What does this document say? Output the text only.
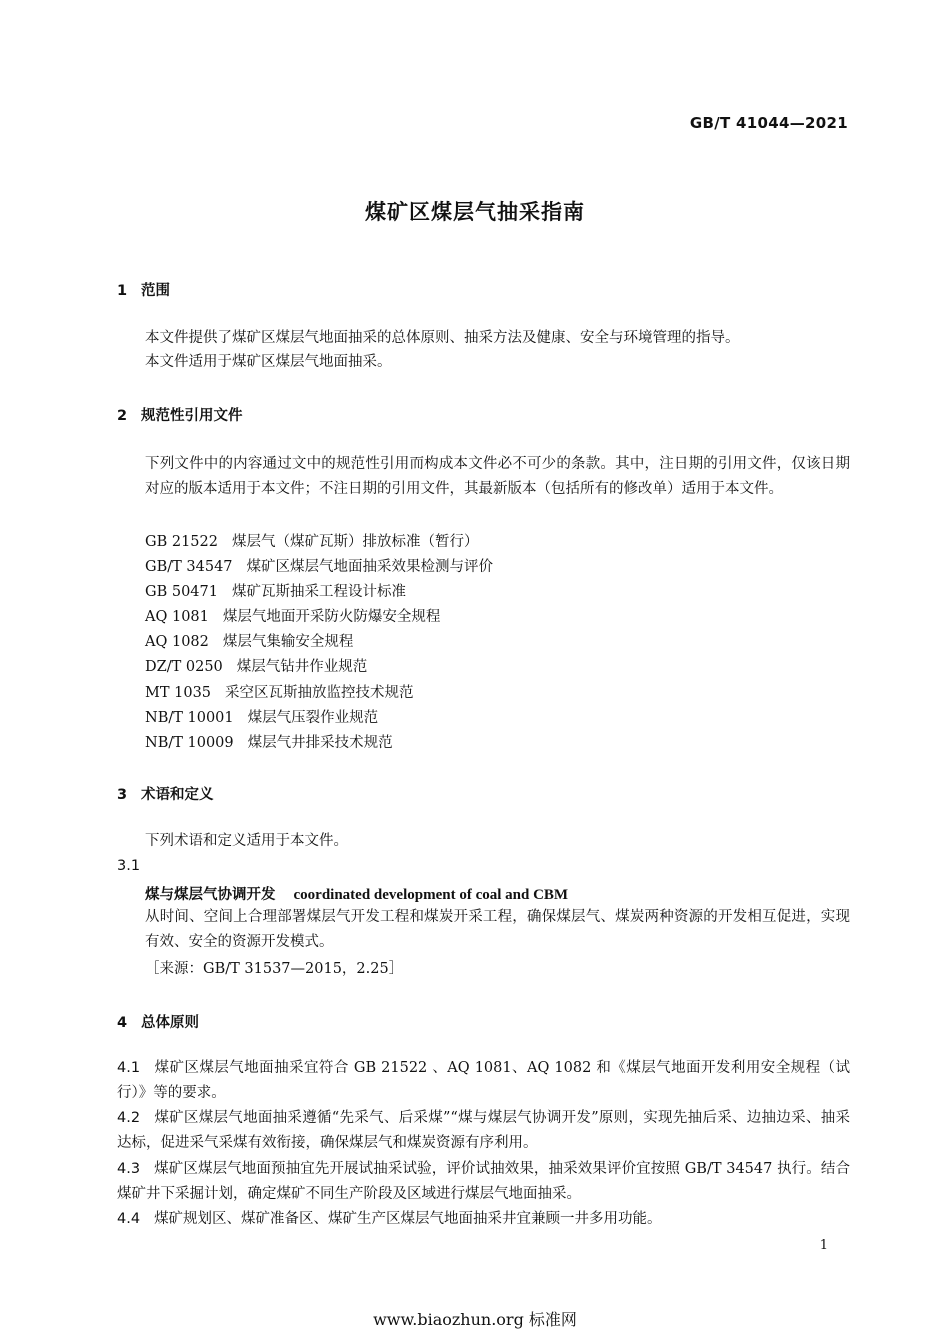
GB/T 41044—2021
煤矿区煤层气抽采指南
1 范围
本文件提供了煤矿区煤层气地面抽采的总体原则、抽采方法及健康、安全与环境管理的指导。
本文件适用于煤矿区煤层气地面抽采。
2 规范性引用文件
下列文件中的内容通过文中的规范性引用而构成本文件必不可少的条款。其中，注日期的引用文件，仅该日期对应的版本适用于本文件；不注日期的引用文件，其最新版本（包括所有的修改单）适用于本文件。
GB 21522 煤层气（煤矿瓦斯）排放标准（暂行）
GB/T 34547 煤矿区煤层气地面抽采效果检测与评价
GB 50471 煤矿瓦斯抽采工程设计标准
AQ 1081 煤层气地面开采防火防爆安全规程
AQ 1082 煤层气集输安全规程
DZ/T 0250 煤层气钻井作业规范
MT 1035 采空区瓦斯抽放监控技术规范
NB/T 10001 煤层气压裂作业规范
NB/T 10009 煤层气井排采技术规范
3 术语和定义
下列术语和定义适用于本文件。
3.1
煤与煤层气协调开发 coordinated development of coal and CBM
从时间、空间上合理部署煤层气开发工程和煤炭开采工程，确保煤层气、煤炭两种资源的开发相互促进，实现有效、安全的资源开发模式。
［来源：GB/T 31537—2015，2.25］
4 总体原则
4.1 煤矿区煤层气地面抽采宜符合 GB 21522 、AQ 1081、AQ 1082 和《煤层气地面开发利用安全规程（试行）》等的要求。
4.2 煤矿区煤层气地面抽采遵循“先采气、后采煤”“煤与煤层气协调开发”原则，实现先抽后采、边抽边采、抽采达标，促进采气采煤有效衔接，确保煤层气和煤炭资源有序利用。
4.3 煤矿区煤层气地面预抽宜先开展试抽采试验，评价试抽效果，抽采效果评价宜按照 GB/T 34547 执行。结合煤矿井下采掘计划，确定煤矿不同生产阶段及区域进行煤层气地面抽采。
4.4 煤矿规划区、煤矿准备区、煤矿生产区煤层气地面抽采井宜兼顾一井多用功能。
1
www.biaozhun.org 标准网
